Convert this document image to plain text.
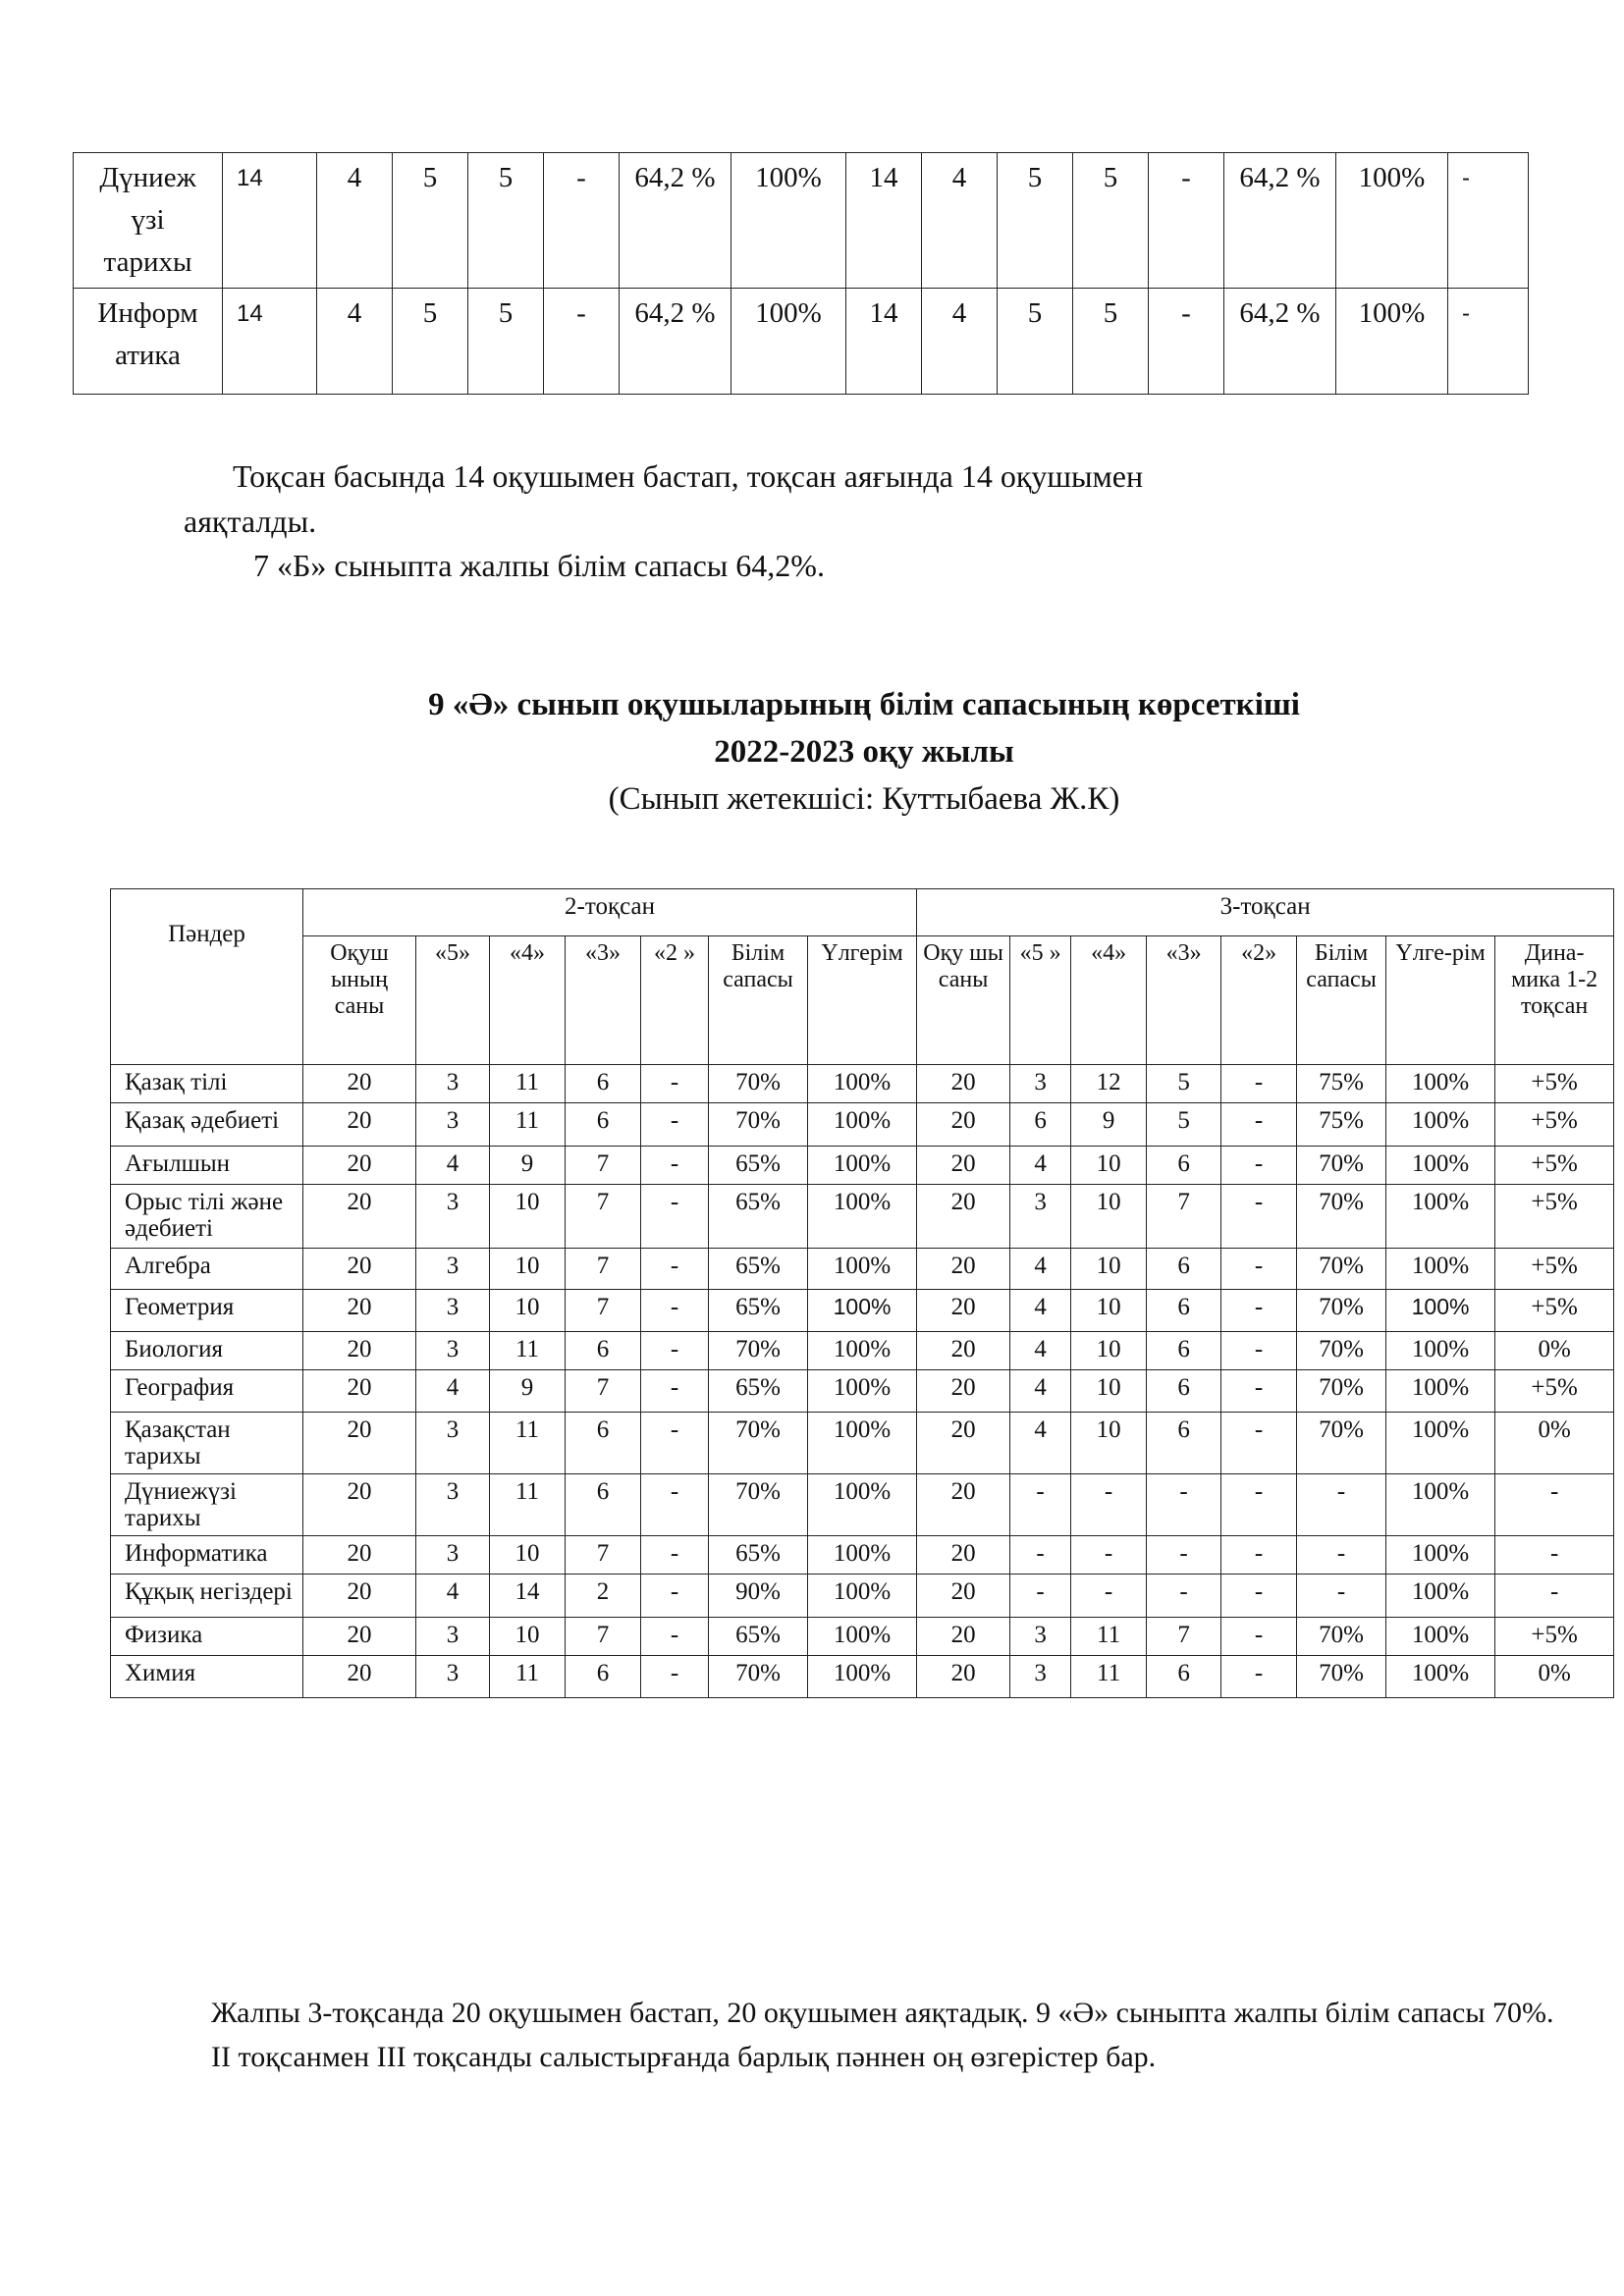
Дүниеж
үзі
тарихы	14	4	5	5	-	64,2 %	100%	14	4	5	5	-	64,2 %	100%	-
Информ
атика	14	4	5	5	-	64,2 %	100%	14	4	5	5	-	64,2 %	100%	-

Тоқсан басында 14 оқушымен бастап, тоқсан аяғында 14 оқушымен
аяқталды.

7 «Б» сыныпта жалпы білім сапасы 64,2%.

9 «Ә» сынып оқушыларының білім сапасының көрсеткіші
2022-2023 оқу жылы

(Сынып жетекшісі: Куттыбаева Ж.К)

Пәндер	2-тоқсан							3-тоқсан							
	Оқуш ының саны	«5»	«4»	«3»	«2 »	Білім сапасы	Үлгерім	Оқу шы саны	«5 »	«4»	«3»	«2»	Білім сапасы	Үлге-рім	Дина-мика 1-2 тоқсан
Қазақ тілі	20	3	11	6	-	70%	100%	20	3	12	5	-	75%	100%	+5%
Қазақ әдебиеті	20	3	11	6	-	70%	100%	20	6	9	5	-	75%	100%	+5%
Ағылшын	20	4	9	7	-	65%	100%	20	4	10	6	-	70%	100%	+5%
Орыс тілі және әдебиеті	20	3	10	7	-	65%	100%	20	3	10	7	-	70%	100%	+5%
Алгебра	20	3	10	7	-	65%	100%	20	4	10	6	-	70%	100%	+5%
Геометрия	20	3	10	7	-	65%	100%	20	4	10	6	-	70%	100%	+5%
Биология	20	3	11	6	-	70%	100%	20	4	10	6	-	70%	100%	0%
География	20	4	9	7	-	65%	100%	20	4	10	6	-	70%	100%	+5%
Қазақстан тарихы	20	3	11	6	-	70%	100%	20	4	10	6	-	70%	100%	0%
Дүниежүзі тарихы	20	3	11	6	-	70%	100%	20	-	-	-	-	-	100%	-
Информатика	20	3	10	7	-	65%	100%	20	-	-	-	-	-	100%	-
Құқық негіздері	20	4	14	2	-	90%	100%	20	-	-	-	-	-	100%	-
Физика	20	3	10	7	-	65%	100%	20	3	11	7	-	70%	100%	+5%
Химия	20	3	11	6	-	70%	100%	20	3	11	6	-	70%	100%	0%

Жалпы 3-тоқсанда 20 оқушымен бастап, 20 оқушымен аяқтадық. 9 «Ә» сыныпта жалпы білім сапасы 70%. ІІ тоқсанмен ІІІ тоқсанды салыстырғанда барлық пәннен оң өзгерістер бар.
